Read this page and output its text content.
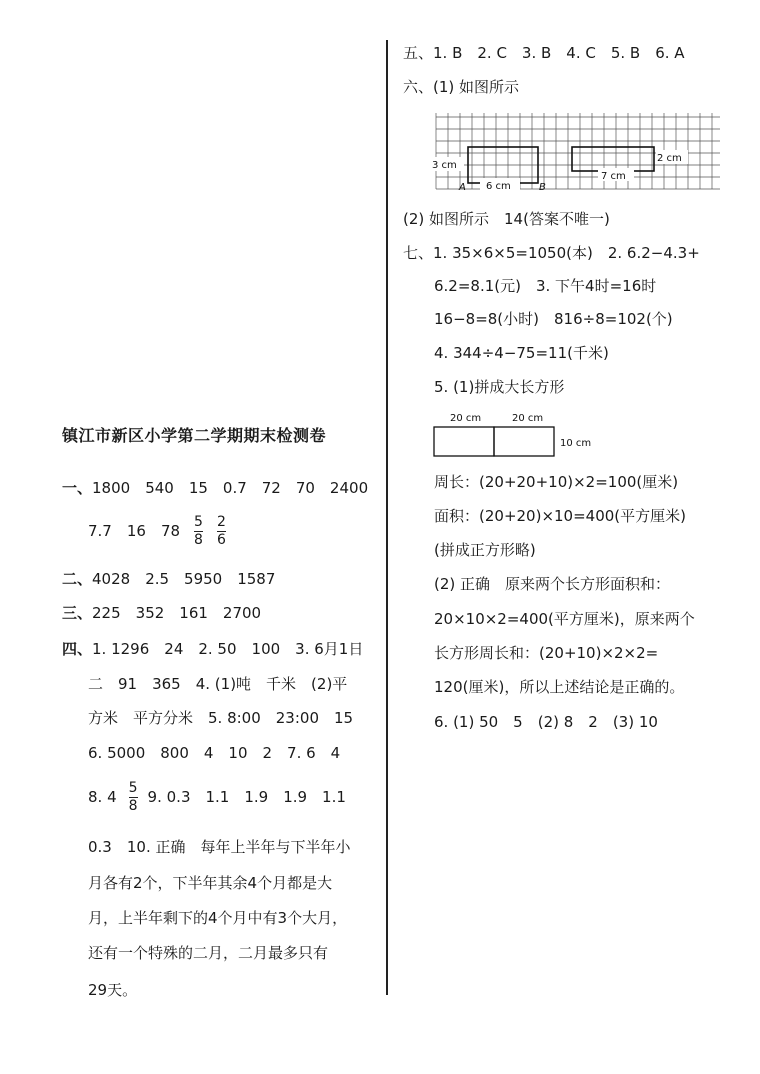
镇江市新区小学第二学期期末检测卷
一、1800　540　15　0.7　72　70　2400
7.7　16　$78 \frac{5}{8} \frac{2}{6}$
二、4028　2.5　5950　1587
三、225　352　161　2700
四、1. 1296　24　2. 50　100　3. 6月1日
二　91　365　4. (1)吨　千米　(2)平
方米　平方分米　5. 8:00　23:00　15
6. 5000　800　4　10　2　7. 6　4
8. $4 \frac{5}{8} 9$. 0.3　1.1　1.9　1.9　1.1
0.3　10. 正确　每年上半年与下半年小
月各有2个，下半年其余4个月都是大
月，上半年剩下的4个月中有3个大月，
还有一个特殊的二月，二月最多只有
29天。
五、1. B　2. C　3. B　4. C　5. B　6. A
六、(1) 如图所示
3 cm
6 cm
A	B
7 cm
2 cm
(2) 如图所示　14(答案不唯一)
七、1. 35×6×5=1050(本)　2. 6.2−4.3+
6.2=8.1(元)　3. 下午4时=16时
16−8=8(小时)　816÷8=102(个)
4. 344÷4−75=11(千米)
5. (1)拼成大长方形
20 cm	20 cm
10 cm
周长：(20+20+10)×2=100(厘米)
面积：(20+20)×10=400(平方厘米)
(拼成正方形略)
(2) 正确　原来两个长方形面积和：
20×10×2=400(平方厘米)，原来两个
长方形周长和：(20+10)×2×2=
120(厘米)，所以上述结论是正确的。
6. (1) 50　5　(2) 8　2　(3) 10
